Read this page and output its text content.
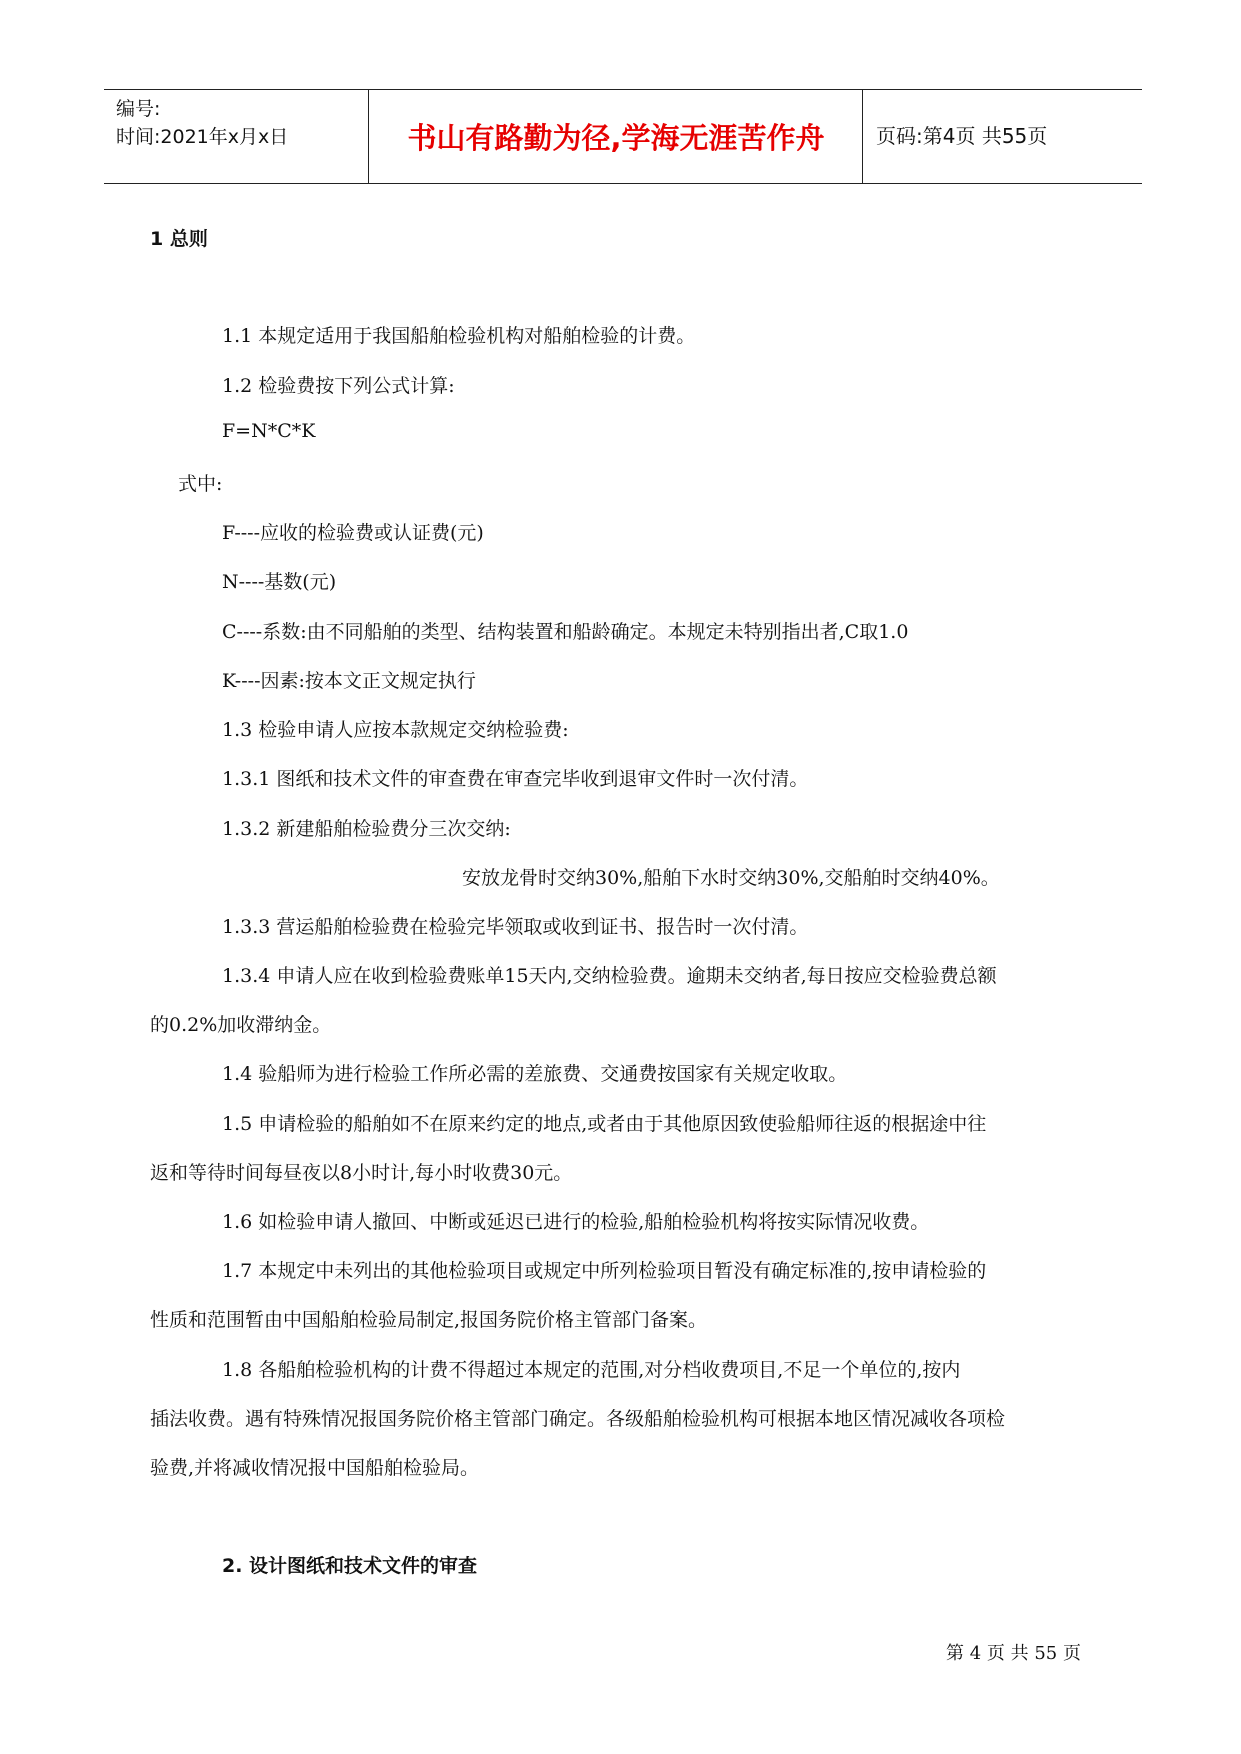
编号:
时间:2021年x月x日	书山有路勤为径,学海无涯苦作舟	页码:第4页 共55页
1 总则
1.1 本规定适用于我国船舶检验机构对船舶检验的计费。
1.2 检验费按下列公式计算:
F=N*C*K
式中:
F----应收的检验费或认证费(元)
N----基数(元)
C----系数:由不同船舶的类型、结构装置和船龄确定。本规定未特别指出者,C取1.0
K----因素:按本文正文规定执行
1.3 检验申请人应按本款规定交纳检验费:
1.3.1 图纸和技术文件的审查费在审查完毕收到退审文件时一次付清。
1.3.2 新建船舶检验费分三次交纳:
安放龙骨时交纳30%,船舶下水时交纳30%,交船舶时交纳40%。
1.3.3 营运船舶检验费在检验完毕领取或收到证书、报告时一次付清。
1.3.4 申请人应在收到检验费账单15天内,交纳检验费。逾期未交纳者,每日按应交检验费总额
的0.2%加收滞纳金。
1.4 验船师为进行检验工作所必需的差旅费、交通费按国家有关规定收取。
1.5 申请检验的船舶如不在原来约定的地点,或者由于其他原因致使验船师往返的根据途中往
返和等待时间每昼夜以8小时计,每小时收费30元。
1.6 如检验申请人撤回、中断或延迟已进行的检验,船舶检验机构将按实际情况收费。
1.7 本规定中未列出的其他检验项目或规定中所列检验项目暂没有确定标准的,按申请检验的
性质和范围暂由中国船舶检验局制定,报国务院价格主管部门备案。
1.8 各船舶检验机构的计费不得超过本规定的范围,对分档收费项目,不足一个单位的,按内
插法收费。遇有特殊情况报国务院价格主管部门确定。各级船舶检验机构可根据本地区情况减收各项检
验费,并将减收情况报中国船舶检验局。
2. 设计图纸和技术文件的审查
第 4 页 共 55 页
